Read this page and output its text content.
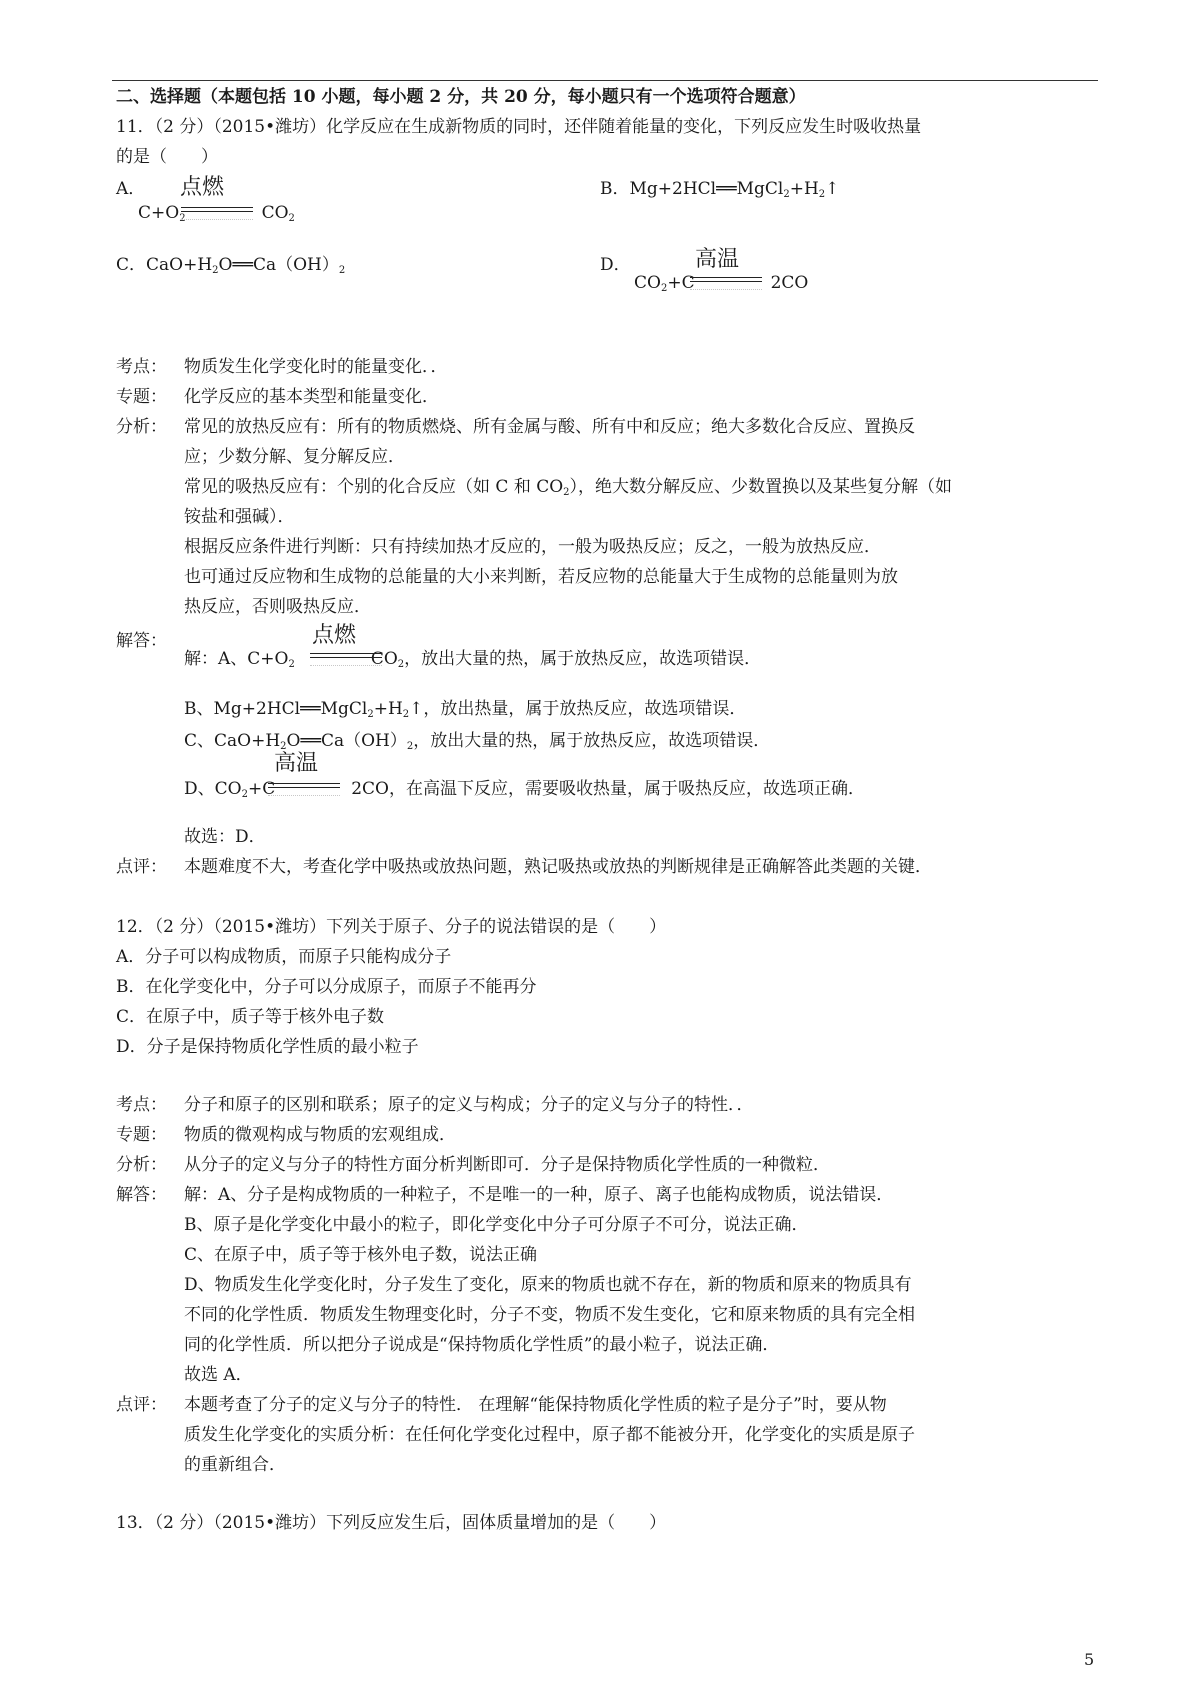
二、选择题（本题包括 10 小题，每小题 2 分，共 20 分，每小题只有一个选项符合题意）
11．（2 分）（2015•潍坊）化学反应在生成新物质的同时，还伴随着能量的变化，下列反应发生时吸收热量
的是（　　）
A．
$C+O_2$	$CO_2$
点燃	B．$Mg+2HCl══MgCl_2+H_2↑$
C．$CaO+H_2O══Ca(OH)_2$	D．
$CO_2+C$	2CO
高温
考点： 物质发生化学变化时的能量变化．．
专题： 化学反应的基本类型和能量变化．
分析： 常见的放热反应有：所有的物质燃烧、所有金属与酸、所有中和反应；绝大多数化合反应、置换反
应；少数分解、复分解反应．
常见的吸热反应有：个别的化合反应（如 C 和 $CO_2$），绝大数分解反应、少数置换以及某些复分解（如
铵盐和强碱）．
根据反应条件进行判断：只有持续加热才反应的，一般为吸热反应；反之，一般为放热反应．
也可通过反应物和生成物的总能量的大小来判断，若反应物的总能量大于生成物的总能量则为放
热反应，否则吸热反应．
解答：
解：A、$C+O_2$	$CO_2$，放出大量的热，属于放热反应，故选项错误．
点燃
B、$Mg+2HCl══MgCl_2+H_2↑$，放出热量，属于放热反应，故选项错误．
C、$CaO+H_2O══Ca(OH)_2$，放出大量的热，属于放热反应，故选项错误．
D、$CO_2+C$	2CO，在高温下反应，需要吸收热量，属于吸热反应，故选项正确．
高温
故选：D．
点评： 本题难度不大，考查化学中吸热或放热问题，熟记吸热或放热的判断规律是正确解答此类题的关键．
12．（2 分）（2015•潍坊）下列关于原子、分子的说法错误的是（　　）
A．分子可以构成物质，而原子只能构成分子
B．在化学变化中，分子可以分成原子，而原子不能再分
C．在原子中，质子等于核外电子数
D．分子是保持物质化学性质的最小粒子
考点： 分子和原子的区别和联系；原子的定义与构成；分子的定义与分子的特性．．
专题： 物质的微观构成与物质的宏观组成．
分析： 从分子的定义与分子的特性方面分析判断即可．分子是保持物质化学性质的一种微粒．
解答： 解：A、分子是构成物质的一种粒子，不是唯一的一种，原子、离子也能构成物质，说法错误．
B、原子是化学变化中最小的粒子，即化学变化中分子可分原子不可分，说法正确．
C、在原子中，质子等于核外电子数，说法正确
D、物质发生化学变化时，分子发生了变化，原来的物质也就不存在，新的物质和原来的物质具有
不同的化学性质．物质发生物理变化时，分子不变，物质不发生变化，它和原来物质的具有完全相
同的化学性质．所以把分子说成是“保持物质化学性质”的最小粒子，说法正确．
故选 A．
点评： 本题考查了分子的定义与分子的特性． 在理解“能保持物质化学性质的粒子是分子”时，要从物
质发生化学变化的实质分析：在任何化学变化过程中，原子都不能被分开，化学变化的实质是原子
的重新组合．
13．（2 分）（2015•潍坊）下列反应发生后，固体质量增加的是（　　）
5
